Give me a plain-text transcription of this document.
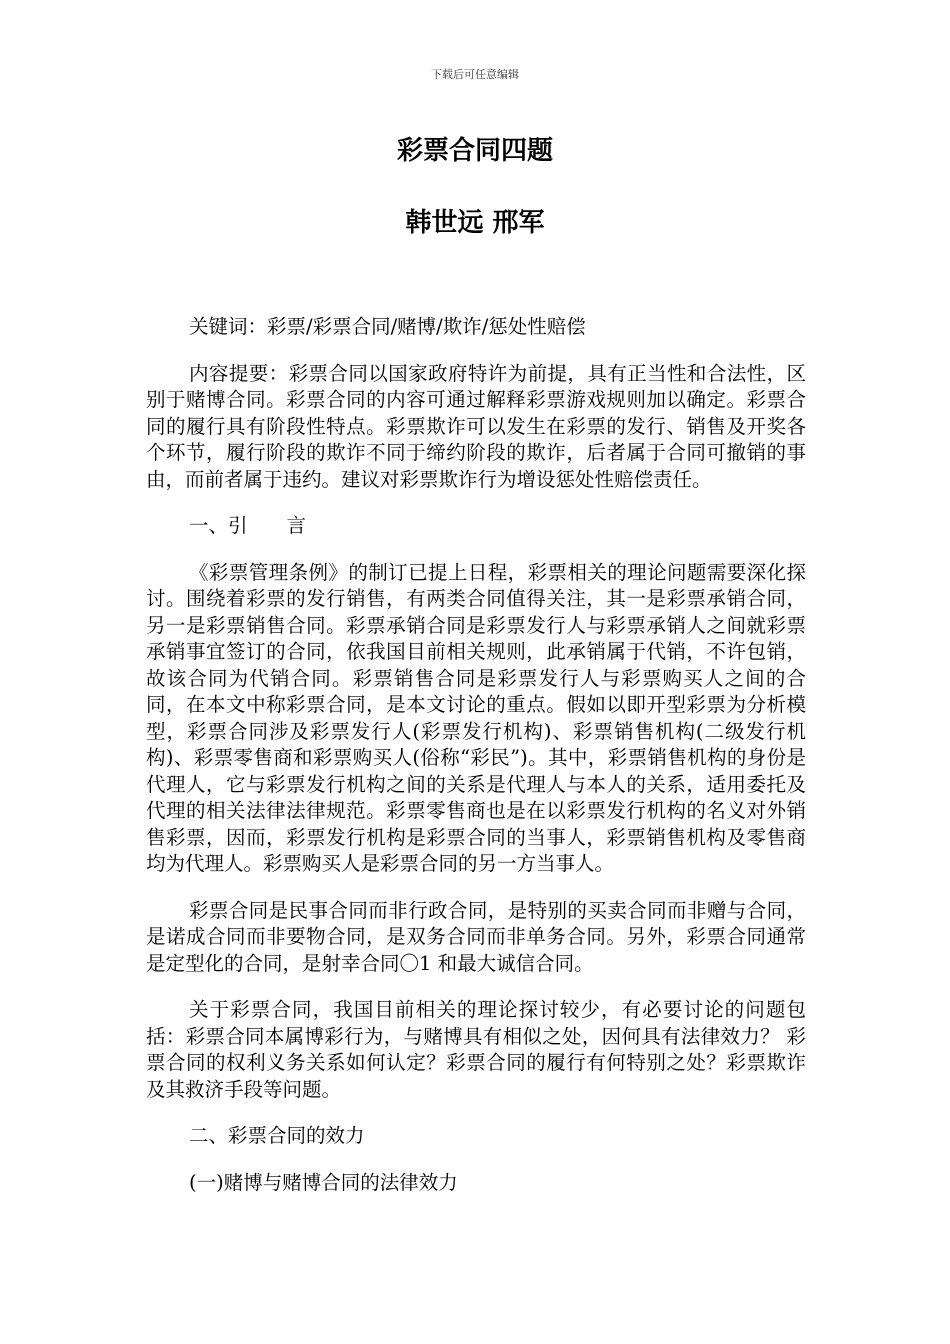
下载后可任意编辑
彩票合同四题
韩世远 邢军

关键词：彩票/彩票合同/赌博/欺诈/惩处性赔偿

内容提要：彩票合同以国家政府特许为前提，具有正当性和合法性，区别于赌博合同。彩票合同的内容可通过解释彩票游戏规则加以确定。彩票合同的履行具有阶段性特点。彩票欺诈可以发生在彩票的发行、销售及开奖各个环节，履行阶段的欺诈不同于缔约阶段的欺诈，后者属于合同可撤销的事由，而前者属于违约。建议对彩票欺诈行为增设惩处性赔偿责任。

一、引　　言

《彩票管理条例》的制订已提上日程，彩票相关的理论问题需要深化探讨。围绕着彩票的发行销售，有两类合同值得关注，其一是彩票承销合同，另一是彩票销售合同。彩票承销合同是彩票发行人与彩票承销人之间就彩票承销事宜签订的合同，依我国目前相关规则，此承销属于代销，不许包销，故该合同为代销合同。彩票销售合同是彩票发行人与彩票购买人之间的合同，在本文中称彩票合同，是本文讨论的重点。假如以即开型彩票为分析模型，彩票合同涉及彩票发行人(彩票发行机构)、彩票销售机构(二级发行机构)、彩票零售商和彩票购买人(俗称“彩民”)。其中，彩票销售机构的身份是代理人，它与彩票发行机构之间的关系是代理人与本人的关系，适用委托及代理的相关法律法律规范。彩票零售商也是在以彩票发行机构的名义对外销售彩票，因而，彩票发行机构是彩票合同的当事人，彩票销售机构及零售商均为代理人。彩票购买人是彩票合同的另一方当事人。

彩票合同是民事合同而非行政合同，是特别的买卖合同而非赠与合同，是诺成合同而非要物合同，是双务合同而非单务合同。另外，彩票合同通常是定型化的合同，是射幸合同〇1 和最大诚信合同。

关于彩票合同，我国目前相关的理论探讨较少，有必要讨论的问题包括：彩票合同本属博彩行为，与赌博具有相似之处，因何具有法律效力？ 彩票合同的权利义务关系如何认定？彩票合同的履行有何特别之处？彩票欺诈及其救济手段等问题。

二、彩票合同的效力

(一)赌博与赌博合同的法律效力
